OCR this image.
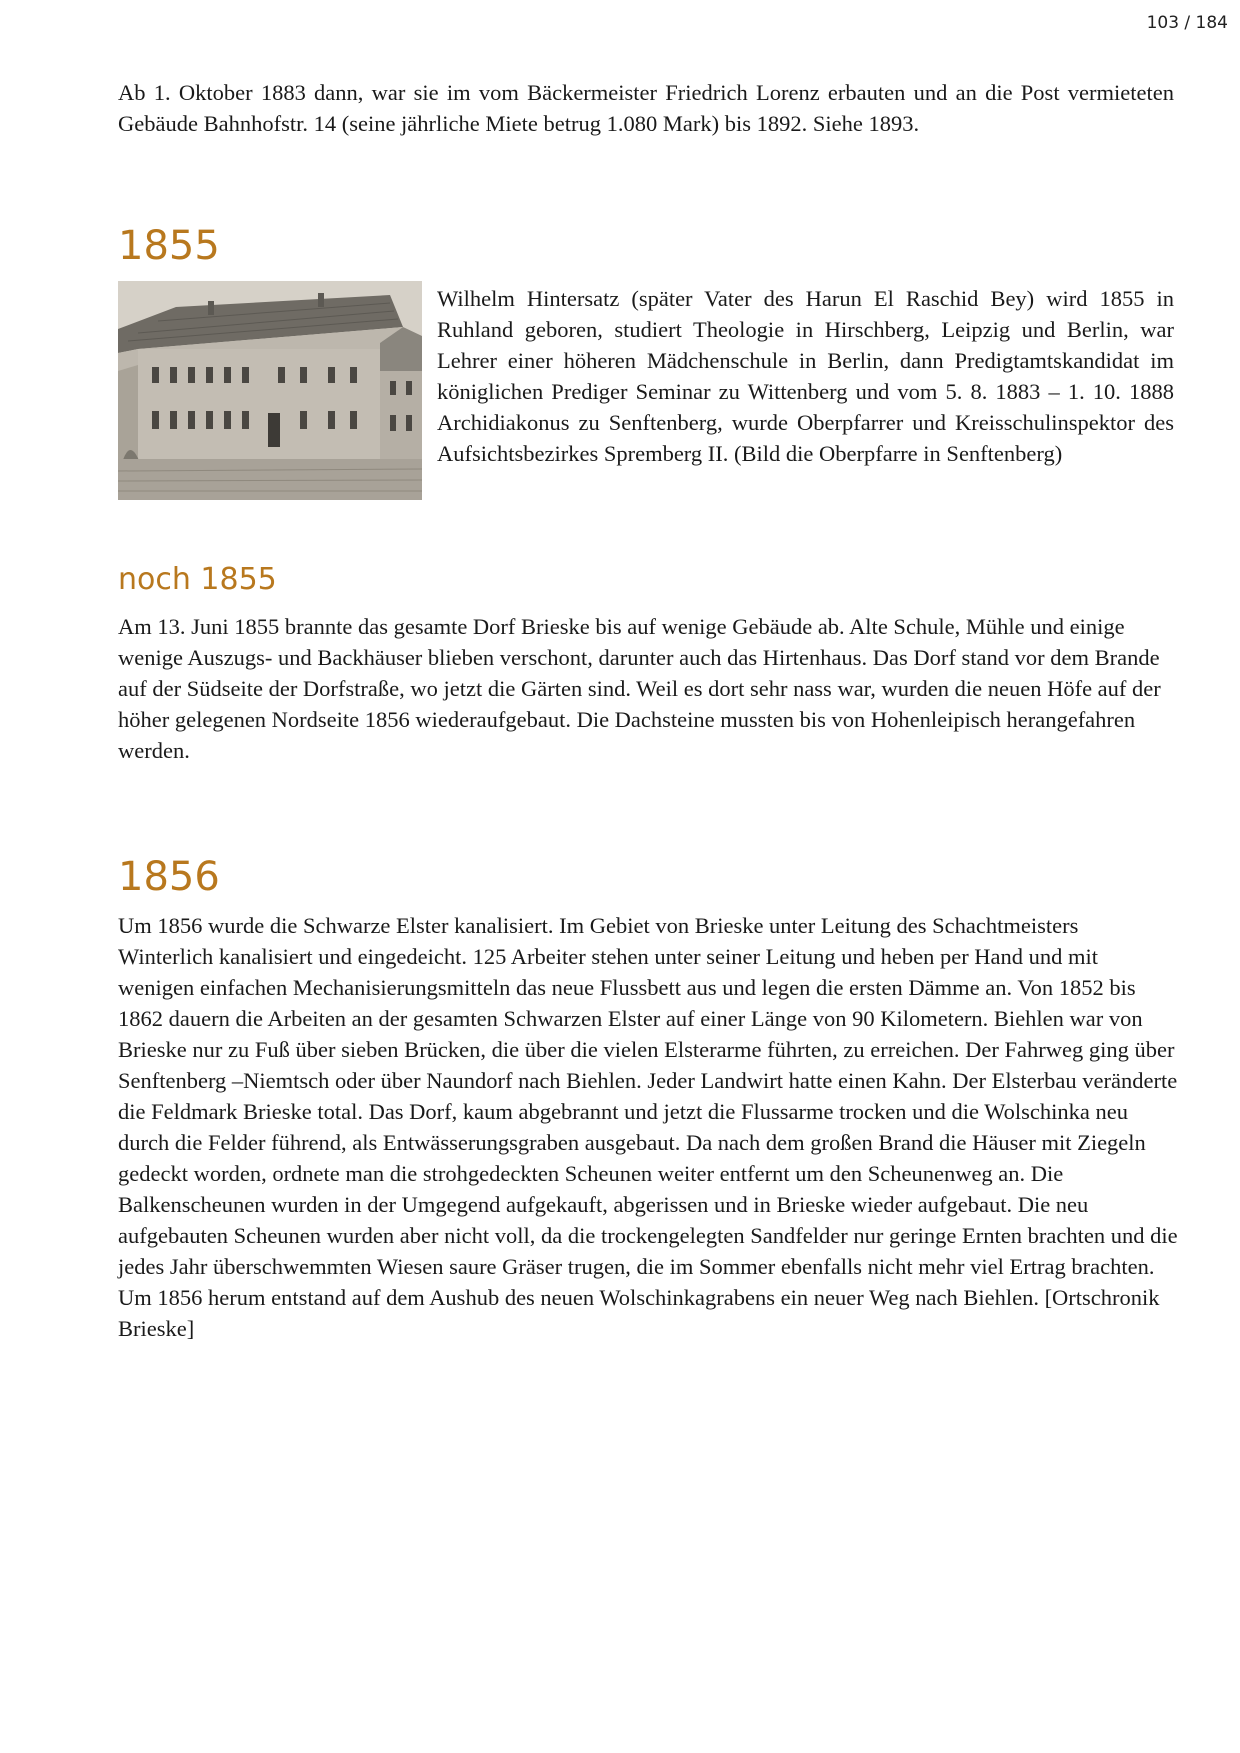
103 / 184

Ab 1. Oktober 1883 dann, war sie im vom Bäckermeister Friedrich Lorenz erbauten und an die Post vermieteten Gebäude Bahnhofstr. 14 (seine jährliche Miete betrug 1.080 Mark) bis 1892. Siehe 1893.

1855

Wilhelm Hintersatz (später Vater des Harun El Raschid Bey) wird 1855 in Ruhland geboren, studiert Theologie in Hirschberg, Leipzig und Berlin, war Lehrer einer höheren Mädchenschule in Berlin, dann Predigtamtskandidat im königlichen Prediger Seminar zu Wittenberg und vom 5. 8. 1883 – 1. 10. 1888 Archidiakonus zu Senftenberg, wurde Oberpfarrer und Kreisschulinspektor des Aufsichtsbezirkes Spremberg II. (Bild die Oberpfarre in Senftenberg)

noch 1855

Am 13. Juni 1855 brannte das gesamte Dorf Brieske bis auf wenige Gebäude ab. Alte Schule, Mühle und einige wenige Auszugs- und Backhäuser blieben verschont, darunter auch das Hirtenhaus. Das Dorf stand vor dem Brande auf der Südseite der Dorfstraße, wo jetzt die Gärten sind. Weil es dort sehr nass war, wurden die neuen Höfe auf der höher gelegenen Nordseite 1856 wiederaufgebaut. Die Dachsteine mussten bis von Hohenleipisch herangefahren werden.

1856

Um 1856 wurde die Schwarze Elster kanalisiert. Im Gebiet von Brieske unter Leitung des Schachtmeisters Winterlich kanalisiert und eingedeicht. 125 Arbeiter stehen unter seiner Leitung und heben per Hand und mit wenigen einfachen Mechanisierungsmitteln das neue Flussbett aus und legen die ersten Dämme an. Von 1852 bis 1862 dauern die Arbeiten an der gesamten Schwarzen Elster auf einer Länge von 90 Kilometern. Biehlen war von Brieske nur zu Fuß über sieben Brücken, die über die vielen Elsterarme führten, zu erreichen. Der Fahrweg ging über Senftenberg –Niemtsch oder über Naundorf nach Biehlen. Jeder Landwirt hatte einen Kahn. Der Elsterbau veränderte die Feldmark Brieske total. Das Dorf, kaum abgebrannt und jetzt die Flussarme trocken und die Wolschinka neu durch die Felder führend, als Entwässerungsgraben ausgebaut. Da nach dem großen Brand die Häuser mit Ziegeln gedeckt worden, ordnete man die strohgedeckten Scheunen weiter entfernt um den Scheunenweg an. Die Balkenscheunen wurden in der Umgegend aufgekauft, abgerissen und in Brieske wieder aufgebaut. Die neu aufgebauten Scheunen wurden aber nicht voll, da die trockengelegten Sandfelder nur geringe Ernten brachten und die jedes Jahr überschwemmten Wiesen saure Gräser trugen, die im Sommer ebenfalls nicht mehr viel Ertrag brachten. Um 1856 herum entstand auf dem Aushub des neuen Wolschinkagrabens ein neuer Weg nach Biehlen. [Ortschronik Brieske]
